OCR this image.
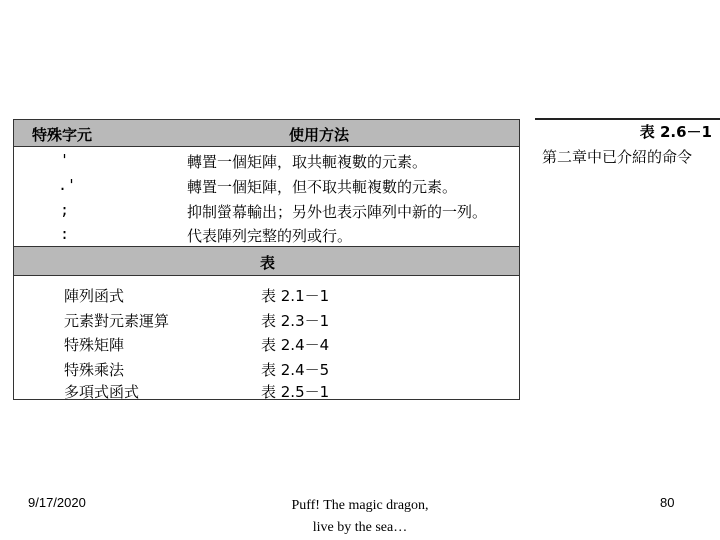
特殊字元	使用方法
'	轉置一個矩陣，取共軛複數的元素。
.'	轉置一個矩陣，但不取共軛複數的元素。
;	抑制螢幕輸出；另外也表示陣列中新的一列。
:	代表陣列完整的列或行。
表
陣列函式	表 2.1－1
元素對元素運算	表 2.3－1
特殊矩陣	表 2.4－4
特殊乘法	表 2.4－5
多項式函式	表 2.5－1
表 2.6－1
第二章中已介紹的命令
9/17/2020	Puff! The magic dragon,
live by the sea…
80
